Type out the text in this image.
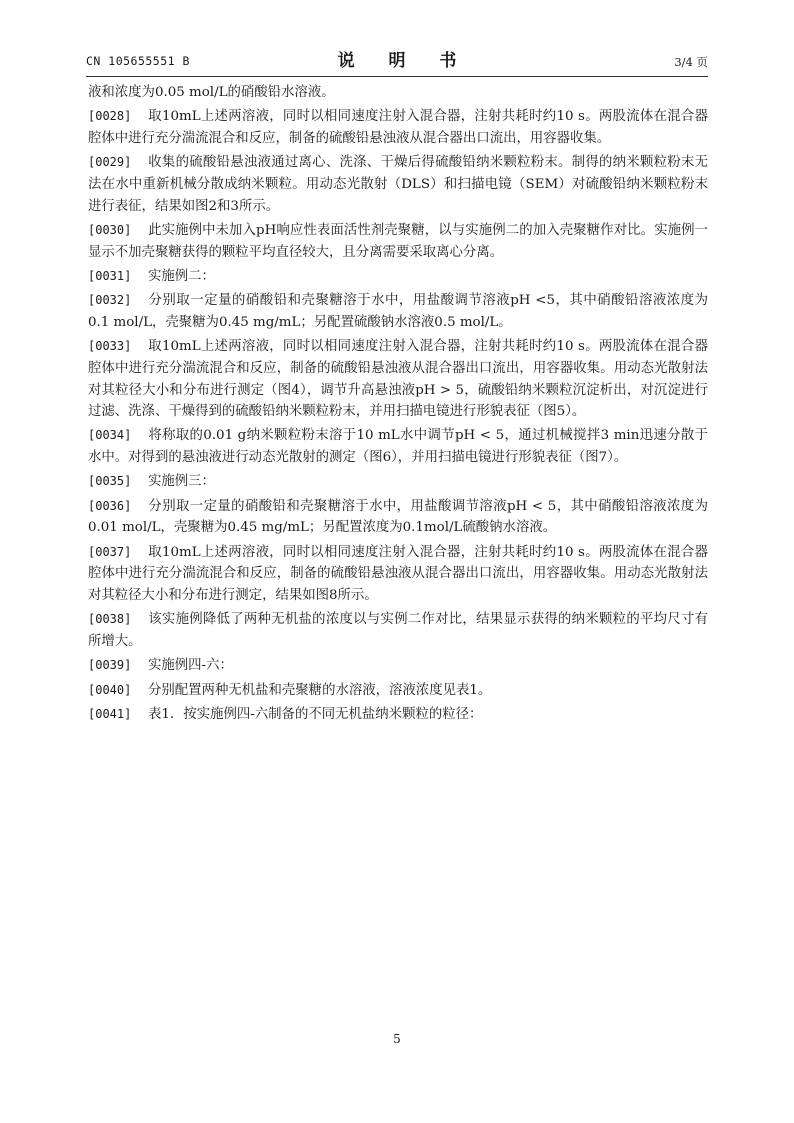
CN 105655551 B	说 明 书	3/4 页

液和浓度为0.05 mol/L的硝酸铅水溶液。

[0028] 取10mL上述两溶液，同时以相同速度注射入混合器，注射共耗时约10 s。两股流体在混合器腔体中进行充分湍流混合和反应，制备的硫酸铅悬浊液从混合器出口流出，用容器收集。

[0029] 收集的硫酸铅悬浊液通过离心、洗涤、干燥后得硫酸铅纳米颗粒粉末。制得的纳米颗粒粉末无法在水中重新机械分散成纳米颗粒。用动态光散射（DLS）和扫描电镜（SEM）对硫酸铅纳米颗粒粉末进行表征，结果如图2和3所示。

[0030] 此实施例中未加入pH响应性表面活性剂壳聚糖，以与实施例二的加入壳聚糖作对比。实施例一显示不加壳聚糖获得的颗粒平均直径较大，且分离需要采取离心分离。

[0031] 实施例二：

[0032] 分别取一定量的硝酸铅和壳聚糖溶于水中，用盐酸调节溶液pH <5，其中硝酸铅溶液浓度为0.1 mol/L，壳聚糖为0.45 mg/mL；另配置硫酸钠水溶液0.5 mol/L。

[0033] 取10mL上述两溶液，同时以相同速度注射入混合器，注射共耗时约10 s。两股流体在混合器腔体中进行充分湍流混合和反应，制备的硫酸铅悬浊液从混合器出口流出，用容器收集。用动态光散射法对其粒径大小和分布进行测定（图4），调节升高悬浊液pH > 5，硫酸铅纳米颗粒沉淀析出，对沉淀进行过滤、洗涤、干燥得到的硫酸铅纳米颗粒粉末，并用扫描电镜进行形貌表征（图5）。

[0034] 将称取的0.01 g纳米颗粒粉末溶于10 mL水中调节pH < 5，通过机械搅拌3 min迅速分散于水中。对得到的悬浊液进行动态光散射的测定（图6），并用扫描电镜进行形貌表征（图7）。

[0035] 实施例三：

[0036] 分别取一定量的硝酸铅和壳聚糖溶于水中，用盐酸调节溶液pH < 5，其中硝酸铅溶液浓度为0.01 mol/L，壳聚糖为0.45 mg/mL；另配置浓度为0.1mol/L硫酸钠水溶液。

[0037] 取10mL上述两溶液，同时以相同速度注射入混合器，注射共耗时约10 s。两股流体在混合器腔体中进行充分湍流混合和反应，制备的硫酸铅悬浊液从混合器出口流出，用容器收集。用动态光散射法对其粒径大小和分布进行测定，结果如图8所示。

[0038] 该实施例降低了两种无机盐的浓度以与实例二作对比，结果显示获得的纳米颗粒的平均尺寸有所增大。

[0039] 实施例四-六：

[0040] 分别配置两种无机盐和壳聚糖的水溶液，溶液浓度见表1。

[0041] 表1．按实施例四-六制备的不同无机盐纳米颗粒的粒径：

5
